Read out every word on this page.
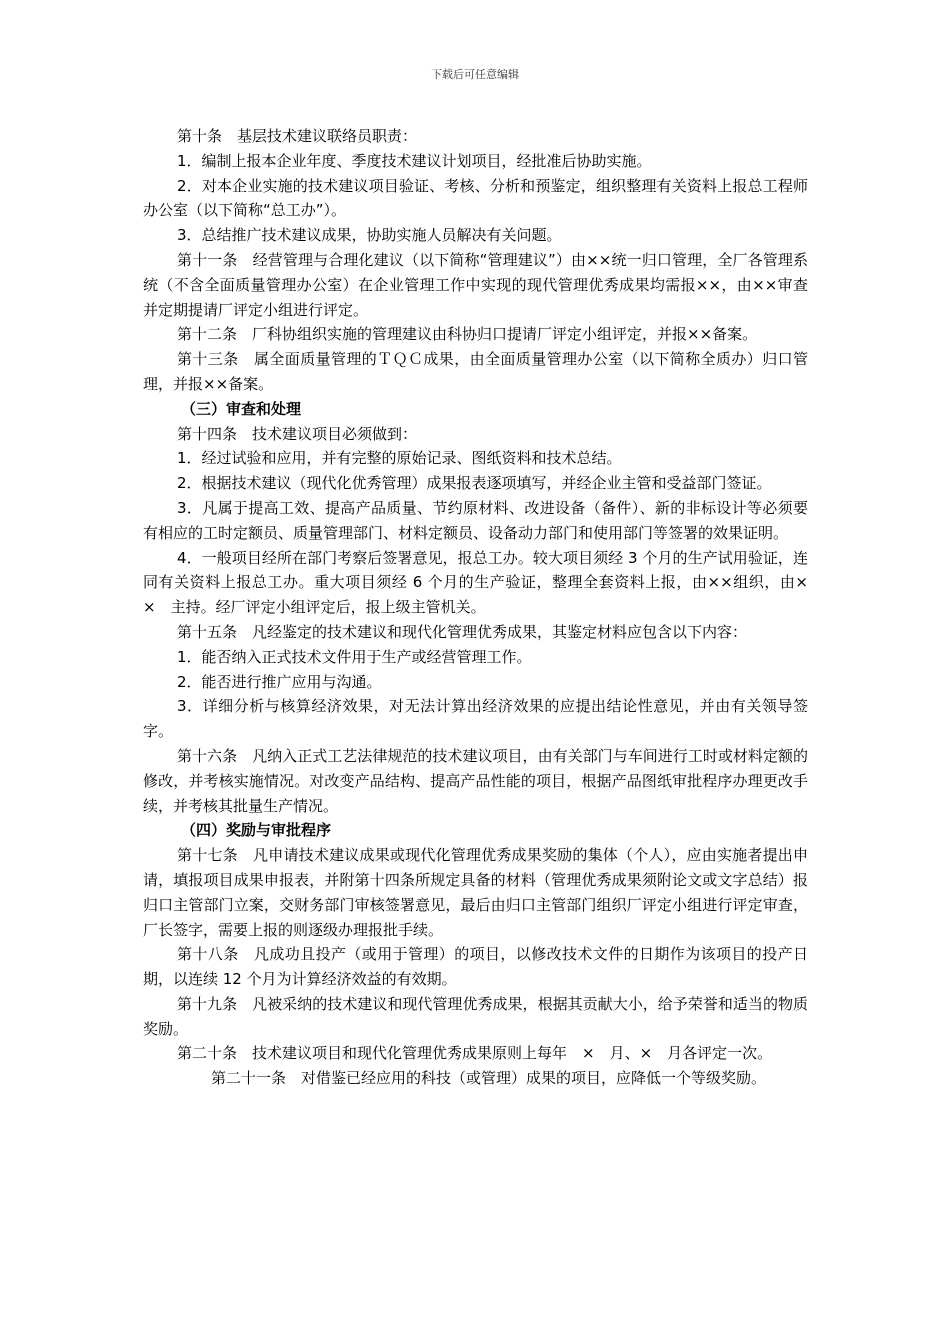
下载后可任意编辑

第十条　基层技术建议联络员职责：

1．编制上报本企业年度、季度技术建议计划项目，经批准后协助实施。

2．对本企业实施的技术建议项目验证、考核、分析和预鉴定，组织整理有关资料上报总工程师办公室（以下简称“总工办”）。

3．总结推广技术建议成果，协助实施人员解决有关问题。

第十一条　经营管理与合理化建议（以下简称“管理建议”）由××统一归口管理，全厂各管理系统（不含全面质量管理办公室）在企业管理工作中实现的现代管理优秀成果均需报××，由××审查并定期提请厂评定小组进行评定。

第十二条　厂科协组织实施的管理建议由科协归口提请厂评定小组评定，并报××备案。

第十三条　属全面质量管理的ＴＱＣ成果，由全面质量管理办公室（以下简称全质办）归口管理，并报××备案。

（三）审查和处理

第十四条　技术建议项目必须做到：

1．经过试验和应用，并有完整的原始记录、图纸资料和技术总结。

2．根据技术建议（现代化优秀管理）成果报表逐项填写，并经企业主管和受益部门签证。

3．凡属于提高工效、提高产品质量、节约原材料、改进设备（备件）、新的非标设计等必须要有相应的工时定额员、质量管理部门、材料定额员、设备动力部门和使用部门等签署的效果证明。

4．一般项目经所在部门考察后签署意见，报总工办。较大项目须经 3 个月的生产试用验证，连同有关资料上报总工办。重大项目须经 6 个月的生产验证，整理全套资料上报，由××组织，由×　×　主持。经厂评定小组评定后，报上级主管机关。

第十五条　凡经鉴定的技术建议和现代化管理优秀成果，其鉴定材料应包含以下内容：

1．能否纳入正式技术文件用于生产或经营管理工作。

2．能否进行推广应用与沟通。

3．详细分析与核算经济效果，对无法计算出经济效果的应提出结论性意见，并由有关领导签字。

第十六条　凡纳入正式工艺法律规范的技术建议项目，由有关部门与车间进行工时或材料定额的修改，并考核实施情况。对改变产品结构、提高产品性能的项目，根据产品图纸审批程序办理更改手续，并考核其批量生产情况。

（四）奖励与审批程序

第十七条　凡申请技术建议成果或现代化管理优秀成果奖励的集体（个人），应由实施者提出申请，填报项目成果申报表，并附第十四条所规定具备的材料（管理优秀成果须附论文或文字总结）报归口主管部门立案，交财务部门审核签署意见，最后由归口主管部门组织厂评定小组进行评定审查，厂长签字，需要上报的则逐级办理报批手续。

第十八条　凡成功且投产（或用于管理）的项目，以修改技术文件的日期作为该项目的投产日期，以连续 12 个月为计算经济效益的有效期。

第十九条　凡被采纳的技术建议和现代管理优秀成果，根据其贡献大小，给予荣誉和适当的物质奖励。

第二十条　技术建议项目和现代化管理优秀成果原则上每年　×　月、×　月各评定一次。

第二十一条　对借鉴已经应用的科技（或管理）成果的项目，应降低一个等级奖励。
